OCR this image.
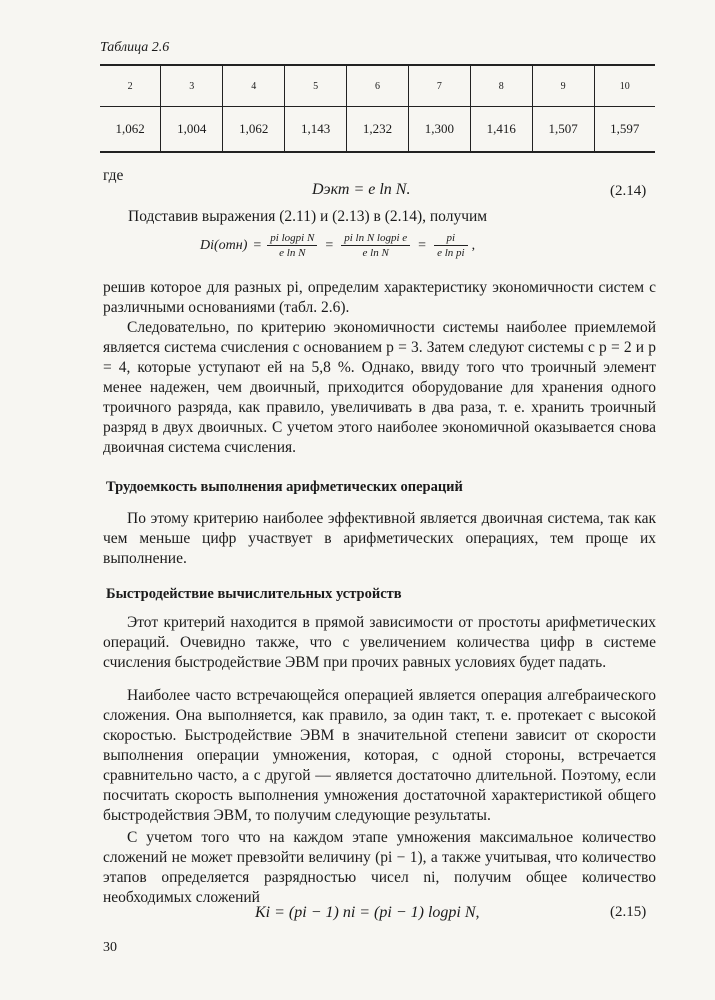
Таблица 2.6
2	3	4	5	6	7	8	9	10
1,062	1,004	1,062	1,143	1,232	1,300	1,416	1,507	1,597
где
Dэкт = e ln N.	(2.14)
Подставив выражения (2.11) и (2.13) в (2.14), получим
$Di(отн) = \frac{\text{pi logpi N}}{\text{e ln N}} = \frac{\text{pi ln N logpi e}}{\text{e ln N}} = \frac{pi}{\text{e ln pi}}$ ,
решив которое для разных pi, определим характеристику экономичности систем с различными основаниями (табл. 2.6).
Следовательно, по критерию экономичности системы наиболее приемлемой является система счисления с основанием p = 3. Затем следуют системы с p = 2 и p = 4, которые уступают ей на 5,8 %. Однако, ввиду того что троичный элемент менее надежен, чем двоичный, приходится оборудование для хранения одного троичного разряда, как правило, увеличивать в два раза, т. е. хранить троичный разряд в двух двоичных. С учетом этого наиболее экономичной оказывается снова двоичная система счисления.
Трудоемкость выполнения арифметических операций
По этому критерию наиболее эффективной является двоичная система, так как чем меньше цифр участвует в арифметических операциях, тем проще их выполнение.
Быстродействие вычислительных устройств
Этот критерий находится в прямой зависимости от простоты арифметических операций. Очевидно также, что с увеличением количества цифр в системе счисления быстродействие ЭВМ при прочих равных условиях будет падать.
Наиболее часто встречающейся операцией является операция алгебраического сложения. Она выполняется, как правило, за один такт, т. е. протекает с высокой скоростью. Быстродействие ЭВМ в значительной степени зависит от скорости выполнения операции умножения, которая, с одной стороны, встречается сравнительно часто, а с другой — является достаточно длительной. Поэтому, если посчитать скорость выполнения умножения достаточной характеристикой общего быстродействия ЭВМ, то получим следующие результаты.
С учетом того что на каждом этапе умножения максимальное количество сложений не может превзойти величину (pi − 1), а также учитывая, что количество этапов определяется разрядностью чисел ni, получим общее количество необходимых сложений
Ki = (pi − 1) ni = (pi − 1) logpi N,	(2.15)
30
